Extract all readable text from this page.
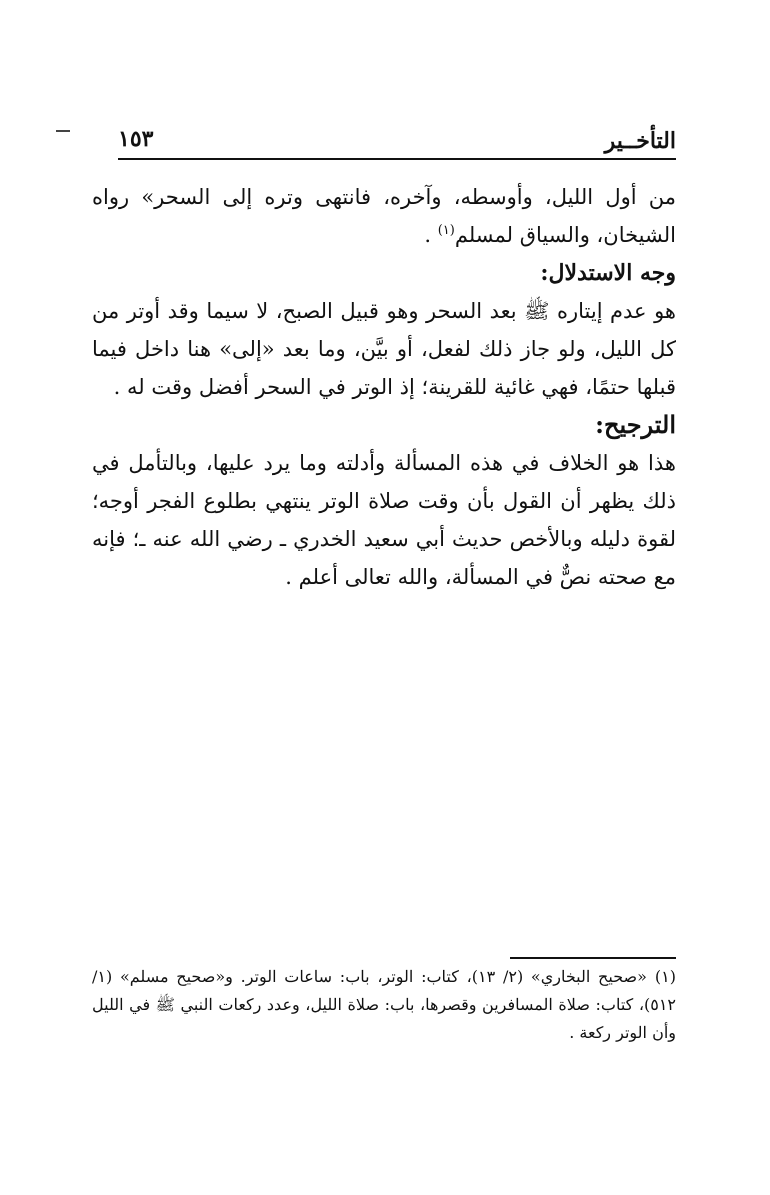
التأخــير
١٥٣

من أول الليل، وأوسطه، وآخره، فانتهى وتره إلى السحر» رواه الشيخان، والسياق لمسلم$^{(١)}$ .

وجه الاستدلال:

هو عدم إيتاره ﷺ بعد السحر وهو قبيل الصبح، لا سيما وقد أوتر من كل الليل، ولو جاز ذلك لفعل، أو بيَّن، وما بعد «إلى» هنا داخل فيما قبلها حتمًا، فهي غائية للقرينة؛ إذ الوتر في السحر أفضل وقت له .

الترجيح:

هذا هو الخلاف في هذه المسألة وأدلته وما يرد عليها، وبالتأمل في ذلك يظهر أن القول بأن وقت صلاة الوتر ينتهي بطلوع الفجر أوجه؛ لقوة دليله وبالأخص حديث أبي سعيد الخدري ـ رضي الله عنه ـ؛ فإنه مع صحته نصٌّ في المسألة، والله تعالى أعلم .

(١)«صحيح البخاري» (٢/ ١٣)، كتاب: الوتر، باب: ساعات الوتر. و«صحيح مسلم» (١/ ٥١٢)، كتاب: صلاة المسافرين وقصرها، باب: صلاة الليل، وعدد ركعات النبي ﷺ في الليل وأن الوتر ركعة .
